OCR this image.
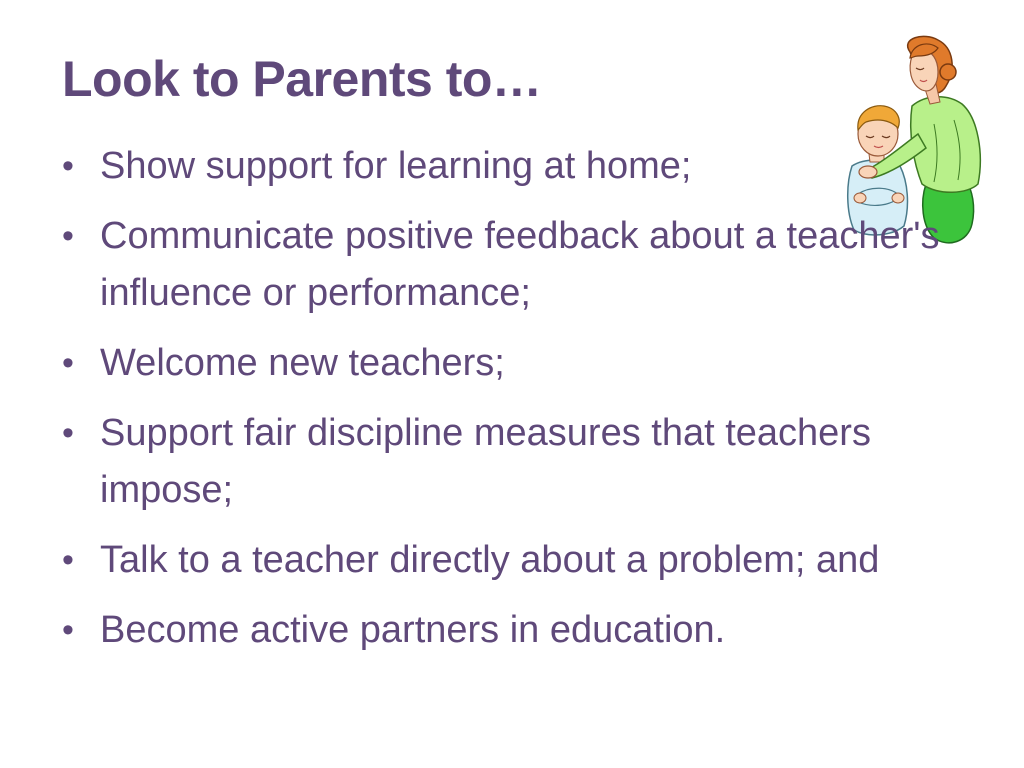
Look to Parents to…
• Show support for learning at home;
• Communicate positive feedback about a teacher's influence or performance;
• Welcome new teachers;
• Support fair discipline measures that teachers impose;
• Talk to a teacher directly about a problem; and
• Become active partners in education.
